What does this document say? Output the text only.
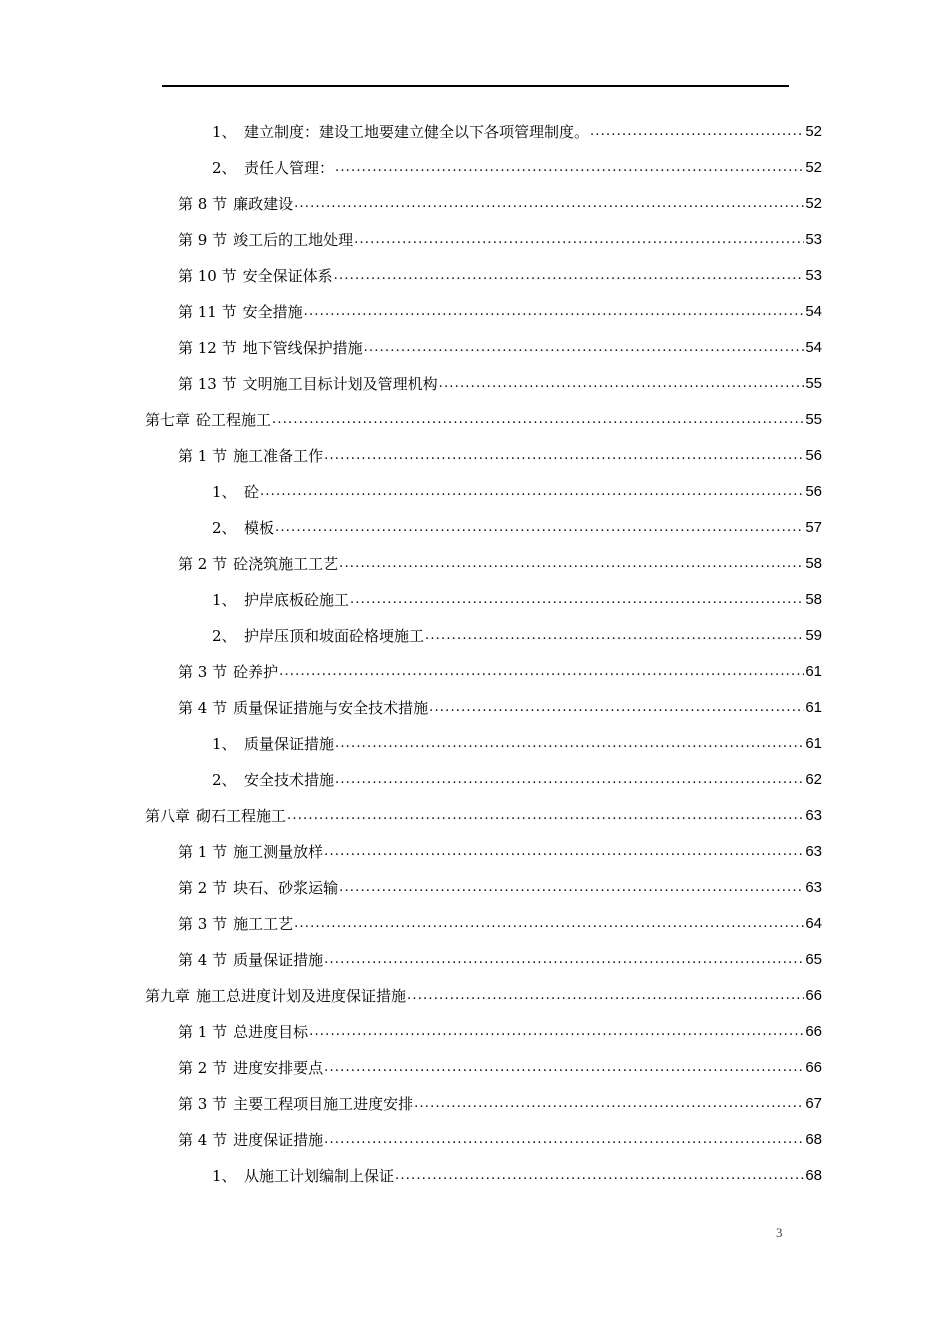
1、 建立制度：建设工地要建立健全以下各项管理制度。 .....	52
2、 责任人管理： .....	52
第 8 节 廉政建设 .....	52
第 9 节 竣工后的工地处理 .....	53
第 10 节 安全保证体系 .....	53
第 11 节 安全措施 .....	54
第 12 节 地下管线保护措施 .....	54
第 13 节 文明施工目标计划及管理机构 .....	55
第七章 砼工程施工 .....	55
第 1 节 施工准备工作 .....	56
1、 砼 .....	56
2、 模板 .....	57
第 2 节 砼浇筑施工工艺 .....	58
1、 护岸底板砼施工 .....	58
2、 护岸压顶和坡面砼格埂施工 .....	59
第 3 节 砼养护 .....	61
第 4 节 质量保证措施与安全技术措施 .....	61
1、 质量保证措施 .....	61
2、 安全技术措施 .....	62
第八章 砌石工程施工 .....	63
第 1 节 施工测量放样 .....	63
第 2 节 块石、砂浆运输 .....	63
第 3 节 施工工艺 .....	64
第 4 节 质量保证措施 .....	65
第九章 施工总进度计划及进度保证措施 .....	66
第 1 节 总进度目标 .....	66
第 2 节 进度安排要点 .....	66
第 3 节 主要工程项目施工进度安排 .....	67
第 4 节 进度保证措施 .....	68
1、 从施工计划编制上保证 .....	68
3
